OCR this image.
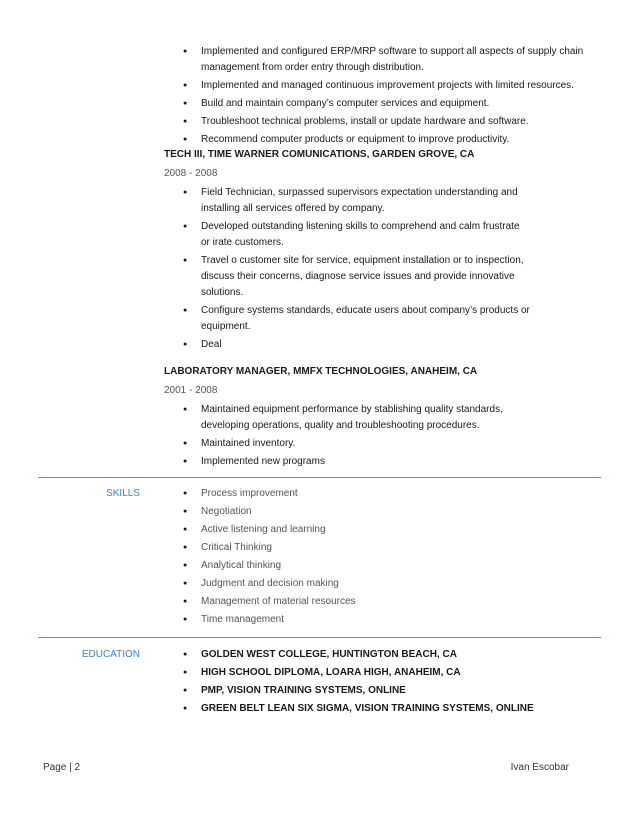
● Implemented and configured ERP/MRP software to support all aspects of supply chain management from order entry through distribution.
● Implemented and managed continuous improvement projects with limited resources.
● Build and maintain company’s computer services and equipment.
● Troubleshoot technical problems, install or update hardware and software.
● Recommend computer products or equipment to improve productivity.
TECH III, TIME WARNER COMUNICATIONS, GARDEN GROVE, CA
2008 - 2008
● Field Technician, surpassed supervisors expectation understanding and installing all services offered by company.
● Developed outstanding listening skills to comprehend and calm frustrate or irate customers.
● Travel o customer site for service, equipment installation or to inspection, discuss their concerns, diagnose service issues and provide innovative solutions.
● Configure systems standards, educate users about company’s products or equipment.
● Deal
LABORATORY MANAGER, MMFX TECHNOLOGIES, ANAHEIM, CA
2001 - 2008
● Maintained equipment performance by stablishing quality standards, developing operations, quality and troubleshooting procedures.
● Maintained inventory.
● Implemented new programs
SKILLS	● Process improvement
● Negotiation
● Active listening and learning
● Critical Thinking
● Analytical thinking
● Judgment and decision making
● Management of material resources
● Time management
EDUCATION	● GOLDEN WEST COLLEGE, HUNTINGTON BEACH, CA
● HIGH SCHOOL DIPLOMA, LOARA HIGH, ANAHEIM, CA
● PMP, VISION TRAINING SYSTEMS, ONLINE
● GREEN BELT LEAN SIX SIGMA, VISION TRAINING SYSTEMS, ONLINE
Page | 2	Ivan Escobar
